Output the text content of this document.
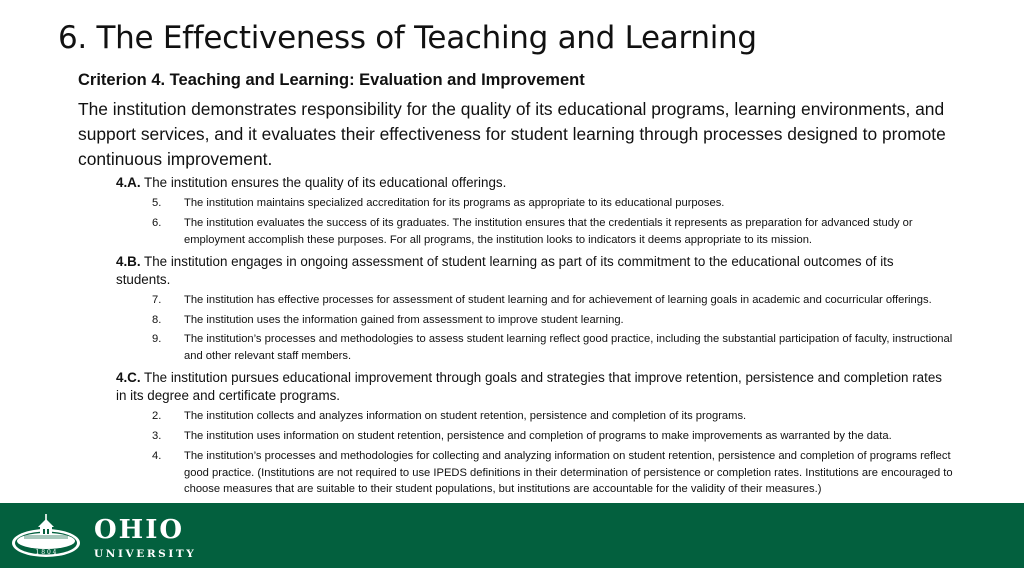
6. The Effectiveness of Teaching and Learning
Criterion 4. Teaching and Learning: Evaluation and Improvement
The institution demonstrates responsibility for the quality of its educational programs, learning environments, and support services, and it evaluates their effectiveness for student learning through processes designed to promote continuous improvement.
4.A. The institution ensures the quality of its educational offerings.
5.	The institution maintains specialized accreditation for its programs as appropriate to its educational purposes.
6.	The institution evaluates the success of its graduates. The institution ensures that the credentials it represents as preparation for advanced study or employment accomplish these purposes. For all programs, the institution looks to indicators it deems appropriate to its mission.
4.B. The institution engages in ongoing assessment of student learning as part of its commitment to the educational outcomes of its students.
7.	The institution has effective processes for assessment of student learning and for achievement of learning goals in academic and cocurricular offerings.
8.	The institution uses the information gained from assessment to improve student learning.
9.	The institution’s processes and methodologies to assess student learning reflect good practice, including the substantial participation of faculty, instructional and other relevant staff members.
4.C. The institution pursues educational improvement through goals and strategies that improve retention, persistence and completion rates in its degree and certificate programs.
2.	The institution collects and analyzes information on student retention, persistence and completion of its programs.
3.	The institution uses information on student retention, persistence and completion of programs to make improvements as warranted by the data.
4.	The institution’s processes and methodologies for collecting and analyzing information on student retention, persistence and completion of programs reflect good practice. (Institutions are not required to use IPEDS definitions in their determination of persistence or completion rates. Institutions are encouraged to choose measures that are suitable to their student populations, but institutions are accountable for the validity of their measures.)
1 8 0 4
OHIO
UNIVERSITY
